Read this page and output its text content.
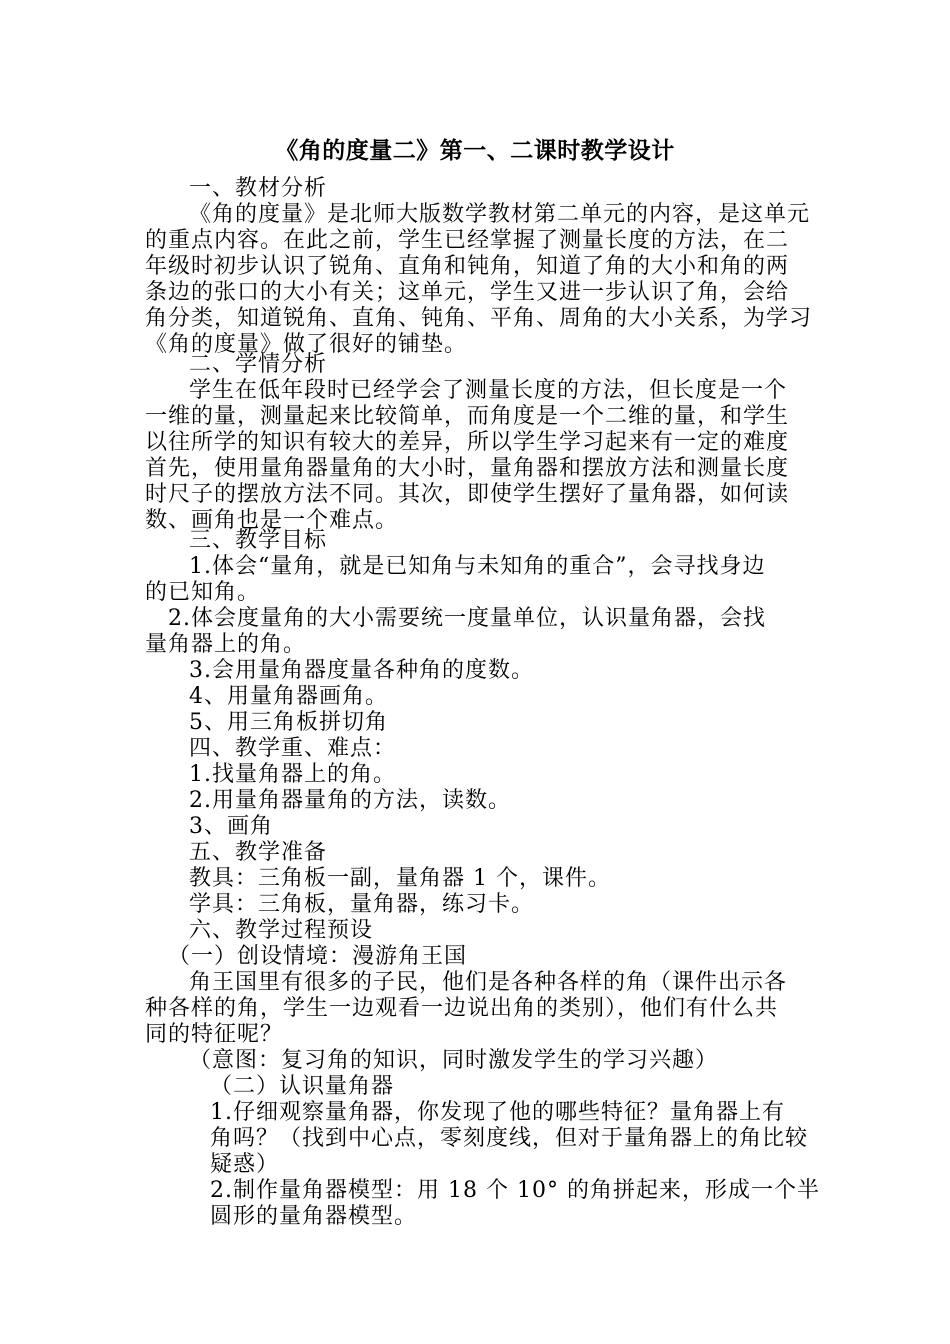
《角的度量二》第一、二课时教学设计
一、教材分析
《角的度量》是北师大版数学教材第二单元的内容，是这单元
的重点内容。在此之前，学生已经掌握了测量长度的方法，在二
年级时初步认识了锐角、直角和钝角，知道了角的大小和角的两
条边的张口的大小有关；这单元，学生又进一步认识了角，会给
角分类，知道锐角、直角、钝角、平角、周角的大小关系，为学习
《角的度量》做了很好的铺垫。
二、学情分析
学生在低年段时已经学会了测量长度的方法，但长度是一个
一维的量，测量起来比较简单，而角度是一个二维的量，和学生
以往所学的知识有较大的差异，所以学生学习起来有一定的难度
首先，使用量角器量角的大小时，量角器和摆放方法和测量长度
时尺子的摆放方法不同。其次，即使学生摆好了量角器，如何读
数、画角也是一个难点。
三、教学目标
1.体会“量角，就是已知角与未知角的重合”，会寻找身边
的已知角。
2.体会度量角的大小需要统一度量单位，认识量角器，会找
量角器上的角。
3.会用量角器度量各种角的度数。
4、用量角器画角。
5、用三角板拼切角
四、教学重、难点：
1.找量角器上的角。
2.用量角器量角的方法，读数。
3、画角
五、教学准备
教具：三角板一副，量角器 1 个，课件。
学具：三角板，量角器，练习卡。
六、教学过程预设
（一）创设情境：漫游角王国
角王国里有很多的子民，他们是各种各样的角（课件出示各
种各样的角，学生一边观看一边说出角的类别），他们有什么共
同的特征呢？
（意图：复习角的知识，同时激发学生的学习兴趣）
（二）认识量角器
1.仔细观察量角器，你发现了他的哪些特征？量角器上有
角吗？（找到中心点，零刻度线，但对于量角器上的角比较
疑惑）
2.制作量角器模型：用 18 个 10° 的角拼起来，形成一个半
圆形的量角器模型。
